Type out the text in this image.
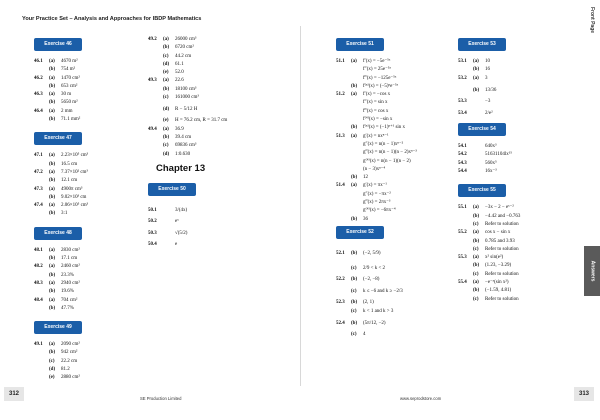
Your Practice Set – Analysis and Approaches for IBDP Mathematics	Front Page
Answers
Exercise 46
46.1	(a)	4670 m²
(b)	754 m²
46.2	(a)	1470 cm²
(b)	653 cm²
46.3	(a)	30 m
(b)	5650 m²
46.4	(a)	2 mm
(b)	71.1 mm²
Exercise 47
47.1	(a)	2.23×10⁵ cm³
(b)	16.5 cm
47.2	(a)	7.37×10² cm³
(b)	12.1 cm
47.3	(a)	4900π cm³
(b)	9.02×10³ cm
47.4	(a)	2.06×10⁵ cm³
(b)	3:1
Exercise 48
48.1	(a)	2830 cm²
(b)	17.1 cm
48.2	(a)	2460 cm²
(b)	23.3%
48.3	(a)	2940 cm²
(b)	19.6%
48.4	(a)	704 cm²
(b)	47.7%
Exercise 49
49.1	(a)	2090 cm²
(b)	942 cm²
(c)	22.2 cm
(d)	81.2
(e)	2880 cm²
49.2	(a)	26000 cm³
(b)	6720 cm²
(c)	44.2 cm
(d)	61.1
(e)	52.0
49.3	(a)	22.6
(b)	18100 cm³
(c)	161000 cm³
(d)	R − 5/12 H
(e)	H = 76.2 cm, R = 31.7 cm
49.4	(a)	36.9
(b)	39.4 cm
(c)	69836 cm³
(d)	1:0.630
Chapter 13
Exercise 50
50.1	3/(4x)
50.2	eˣ
50.3	√(5/2)
50.4	e
Exercise 51
51.1	(a)	f′(x) = −5e⁻⁵ˣ
f″(x) = 25e⁻⁵ˣ
f‴(x) = −125e⁻⁵ˣ
(b)	f⁽ⁿ⁾(x) = (−5)ⁿe⁻⁵ˣ
51.2	(a)	f′(x) = −cos x
f″(x) = sin x
f‴(x) = cos x
f⁽⁴⁾(x) = −sin x
(b)	f⁽ⁿ⁾(x) = (−1)ⁿ⁺¹ sin x
51.3	(a)	g′(x) = nxⁿ⁻¹
g″(x) = n(n − 1)xⁿ⁻²
g‴(x) = n(n − 1)(n − 2)xⁿ⁻³
g⁽⁴⁾(x) = n(n − 1)(n − 2)
(n − 3)xⁿ⁻⁴
(b)	12
51.4	(a)	g′(x) = πx⁻¹
g″(x) = −πx⁻²
g‴(x) = 2πx⁻³
g⁽⁴⁾(x) = −6πx⁻⁴
(b)	36
Exercise 52
52.1	(b)	(−2, 5/9)
(c)	2/9 < k < 2
52.2	(b)	(−2, −8)
(c)	k ≤ −6 and k ≥ −2/3
52.3	(b)	(2, 1)
(c)	k < 1 and k > 3
52.4	(b)	(5π/12, −2)
(c)	4
Exercise 53
53.1	(a)	10
(b)	16
53.2	(a)	3
(b)	13/36
53.3	−3
53.4	2/e²
Exercise 54
54.1	640x³
54.2	51631104lx¹⁵
54.3	560x⁵
54.4	16x⁻³
Exercise 55
55.1	(a)	−3x − 2 − eˣ⁻²
(b)	−4.42 and −0.763
(c)	Refer to solution
55.2	(a)	cos x − sin x
(b)	0.785 and 3.93
(c)	Refer to solution
55.3	(a)	x² sin(e²)
(b)	(1.23, −3.29)
(c)	Refer to solution
55.4	(a)	−e⁻ˣ(sin x²)
(b)	(−1.59, 4.81)
(c)	Refer to solution
312
SE Production Limited	www.seprodstore.com
313
